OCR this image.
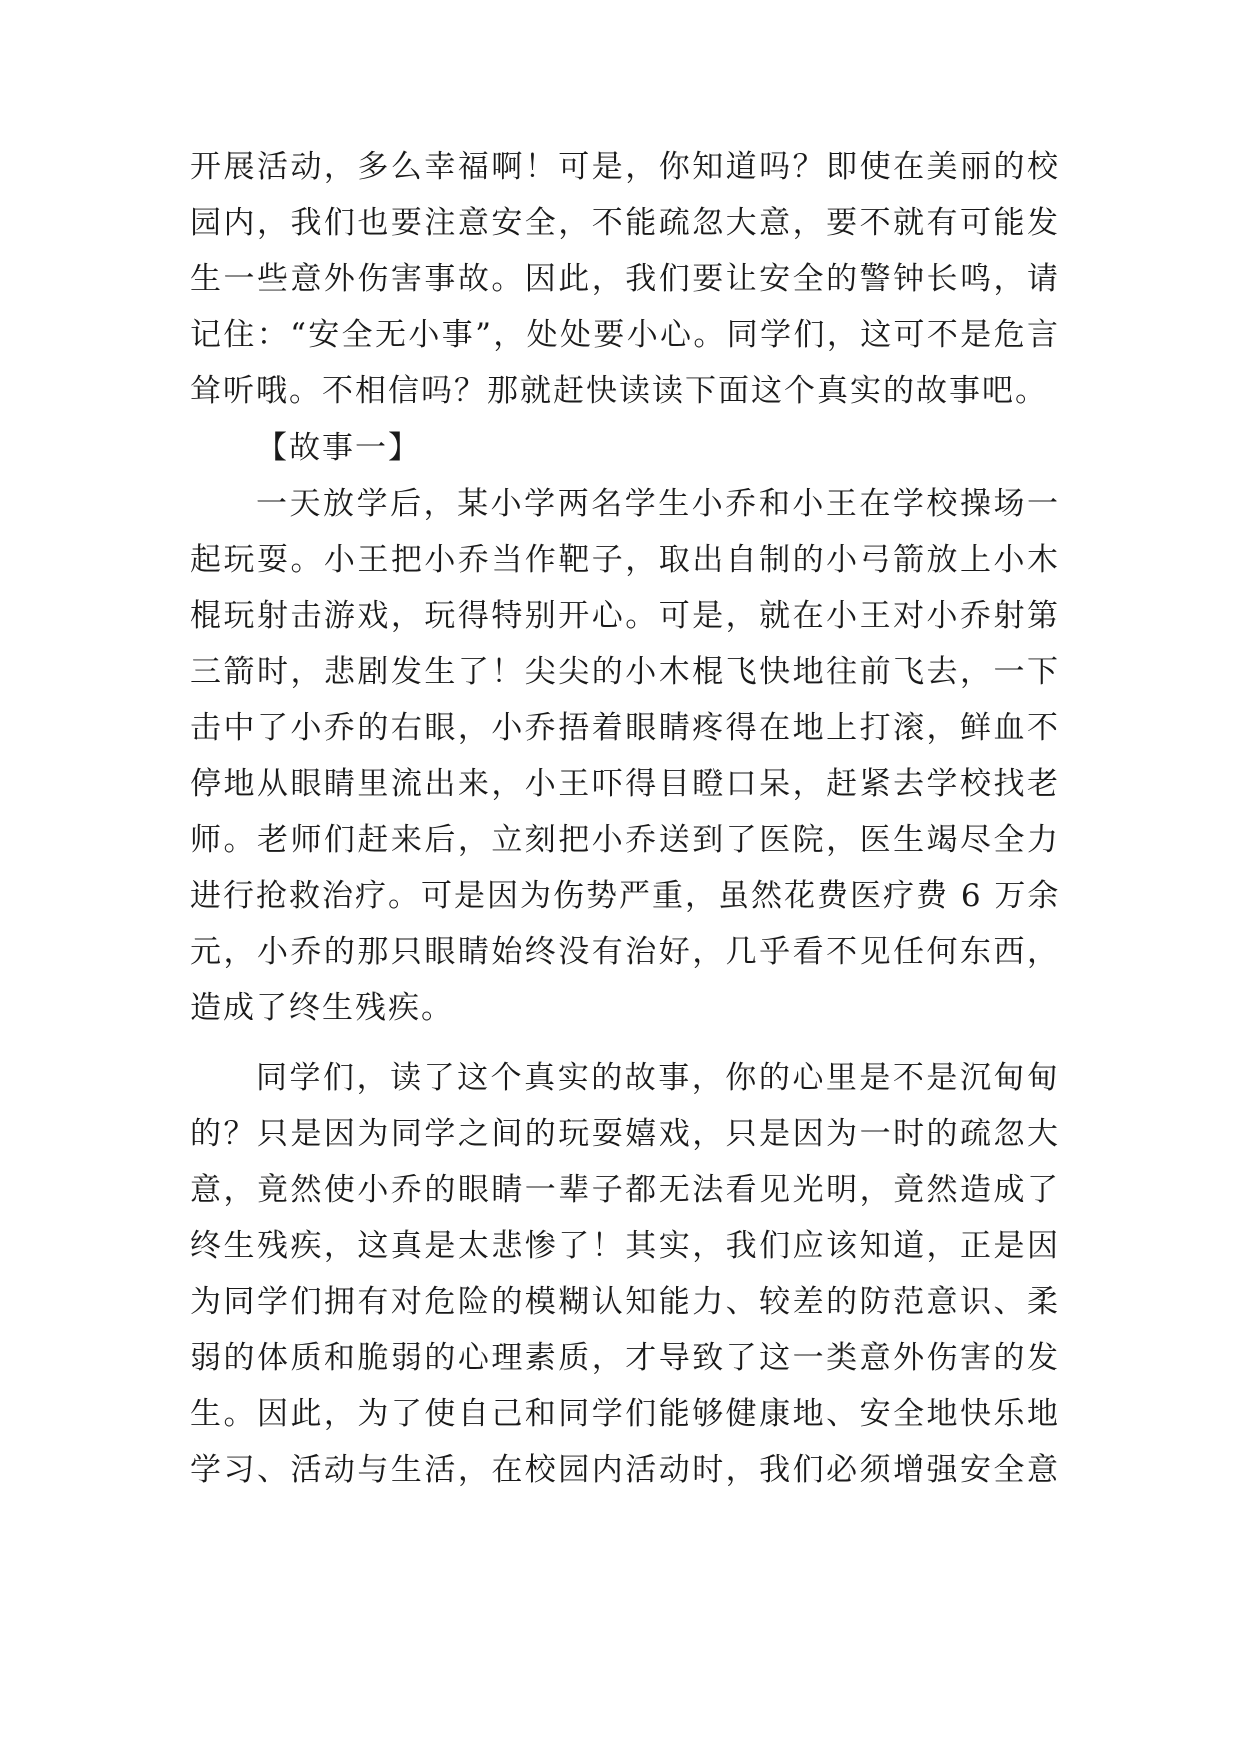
开展活动，多么幸福啊！可是，你知道吗？即使在美丽的校
园内，我们也要注意安全，不能疏忽大意，要不就有可能发
生一些意外伤害事故。因此，我们要让安全的警钟长鸣，请
记住：“安全无小事”，处处要小心。同学们，这可不是危言
耸听哦。不相信吗？那就赶快读读下面这个真实的故事吧。
【故事一】
一天放学后，某小学两名学生小乔和小王在学校操场一
起玩耍。小王把小乔当作靶子，取出自制的小弓箭放上小木
棍玩射击游戏，玩得特别开心。可是，就在小王对小乔射第
三箭时，悲剧发生了！尖尖的小木棍飞快地往前飞去，一下
击中了小乔的右眼，小乔捂着眼睛疼得在地上打滚，鲜血不
停地从眼睛里流出来，小王吓得目瞪口呆，赶紧去学校找老
师。老师们赶来后，立刻把小乔送到了医院，医生竭尽全力
进行抢救治疗。可是因为伤势严重，虽然花费医疗费 6 万余
元，小乔的那只眼睛始终没有治好，几乎看不见任何东西，
造成了终生残疾。
同学们，读了这个真实的故事，你的心里是不是沉甸甸
的？只是因为同学之间的玩耍嬉戏，只是因为一时的疏忽大
意，竟然使小乔的眼睛一辈子都无法看见光明，竟然造成了
终生残疾，这真是太悲惨了！其实，我们应该知道，正是因
为同学们拥有对危险的模糊认知能力、较差的防范意识、柔
弱的体质和脆弱的心理素质，才导致了这一类意外伤害的发
生。因此，为了使自己和同学们能够健康地、安全地快乐地
学习、活动与生活，在校园内活动时，我们必须增强安全意
